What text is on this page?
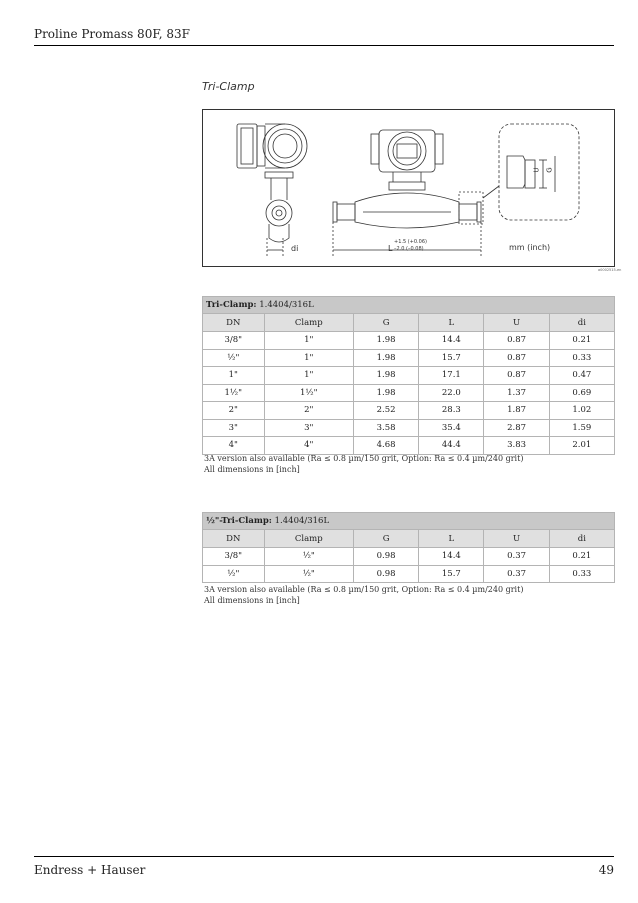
Proline Promass 80F, 83F
Tri-Clamp
di	L
+1.5 (+0.06)
–2.0 (–0.08)	mm (inch)
U G
a0002515-en
Tri-Clamp: 1.4404/316L					
DN	Clamp	G	L	U	di
3/8"	1"	1.98	14.4	0.87	0.21
½"	1"	1.98	15.7	0.87	0.33
1"	1"	1.98	17.1	0.87	0.47
1½"	1½"	1.98	22.0	1.37	0.69
2"	2"	2.52	28.3	1.87	1.02
3"	3"	3.58	35.4	2.87	1.59
4"	4"	4.68	44.4	3.83	2.01
3A version also available (Ra ≤ 0.8 µm/150 grit, Option: Ra ≤ 0.4 µm/240 grit)
All dimensions in [inch]
½"-Tri-Clamp: 1.4404/316L					
DN	Clamp	G	L	U	di
3/8"	½"	0.98	14.4	0.37	0.21
½"	½"	0.98	15.7	0.37	0.33
3A version also available (Ra ≤ 0.8 µm/150 grit, Option: Ra ≤ 0.4 µm/240 grit)
All dimensions in [inch]
Endress + Hauser	49
